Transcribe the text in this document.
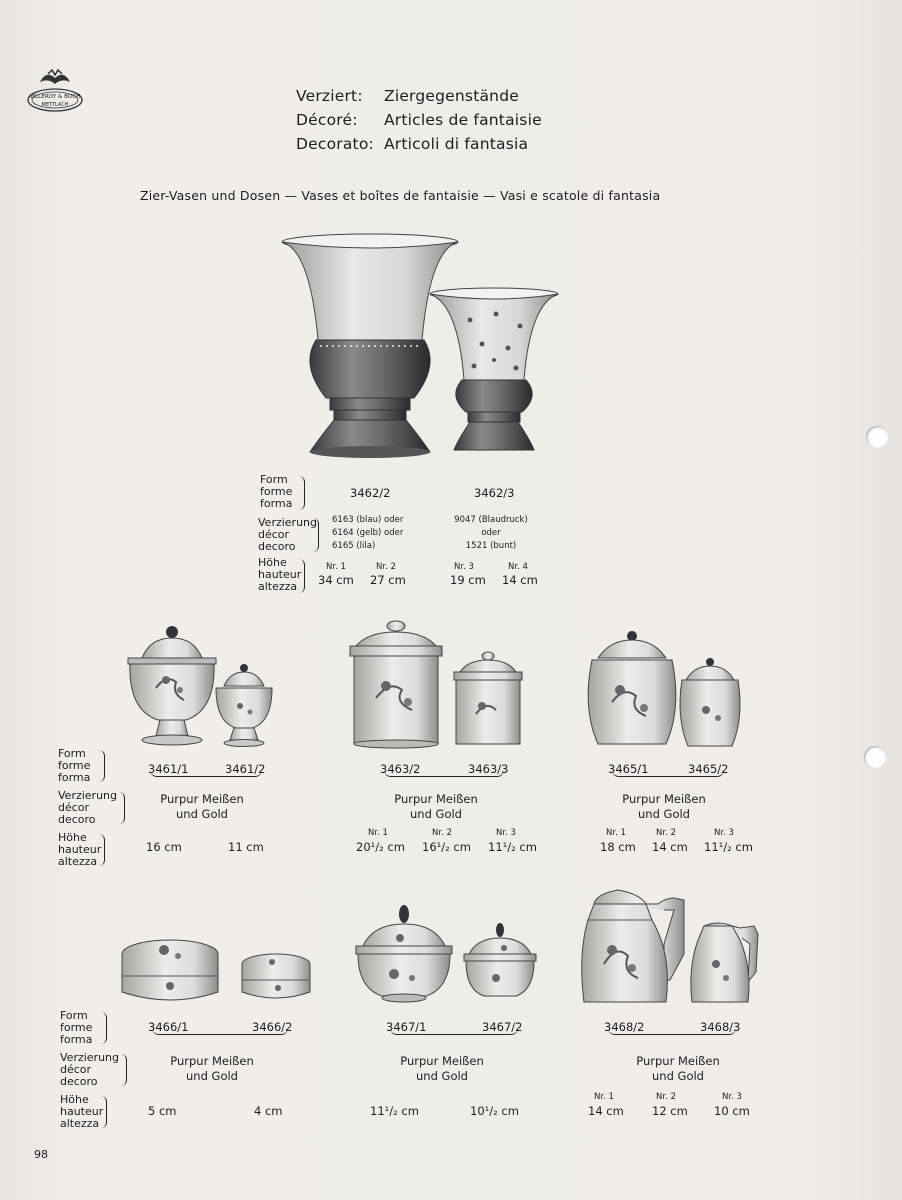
VILLEROY & BOCH
METTLACH	Verziert: Ziergegenstände
Décoré: Articles de fantaisie
Decorato: Articoli di fantasia
Zier-Vasen und Dosen — Vases et boîtes de fantaisie — Vasi e scatole di fantasia
Form
forme
forma
3462/2	3462/3
Verzierung
décor
decoro
6163 (blau) oder
6164 (gelb) oder
6165 (lila)
9047 (Blaudruck)
oder
1521 (bunt)
Höhe
hauteur
altezza
Nr. 1	Nr. 2	Nr. 3	Nr. 4
34 cm 27 cm	19 cm 14 cm
Form
forme
forma
Verzierung
décor
decoro
Höhe
hauteur
altezza
3461/1	3461/2
Purpur Meißen
und Gold
16 cm	11 cm
3463/2	3463/3
Purpur Meißen
und Gold
Nr. 1	Nr. 2	Nr. 3
20¹/₂ cm 16¹/₂ cm 11¹/₂ cm
3465/1	3465/2
Purpur Meißen
und Gold
Nr. 1	Nr. 2	Nr. 3
18 cm 14 cm 11¹/₂ cm
Form
forme
forma
Verzierung
décor
decoro
Höhe
hauteur
altezza
3466/1	3466/2
Purpur Meißen
und Gold
5 cm	4 cm
3467/1	3467/2
Purpur Meißen
und Gold
11¹/₂ cm	10¹/₂ cm
3468/2	3468/3
Purpur Meißen
und Gold
Nr. 1	Nr. 2	Nr. 3
14 cm 12 cm 10 cm
98
